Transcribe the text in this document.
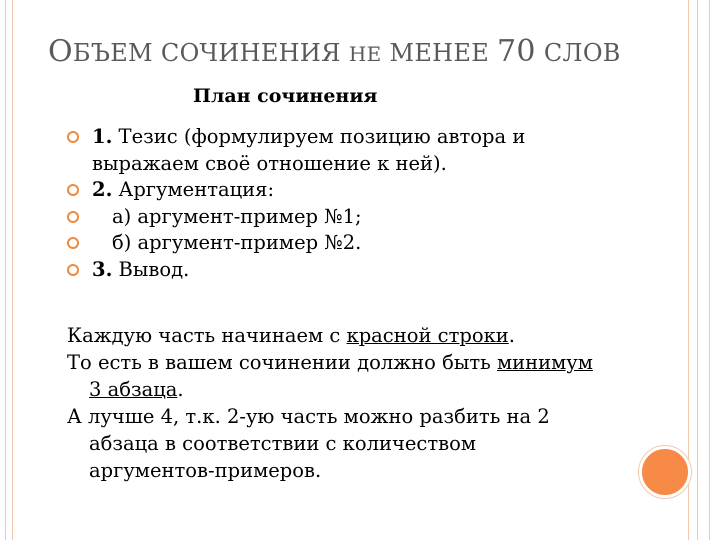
ОБЪЕМ СОЧИНЕНИЯ НЕ МЕНЕЕ 70 СЛОВ
План сочинения
1. Тезис (формулируем позицию автора и выражаем своё отношение к ней).
2. Аргументация:
а) аргумент-пример №1;
б) аргумент-пример №2.
3. Вывод.

Каждую часть начинаем с красной строки.

То есть в вашем сочинении должно быть минимум 3 абзаца.

А лучше 4, т.к. 2-ую часть можно разбить на 2 абзаца в соответствии с количеством аргументов-примеров.
